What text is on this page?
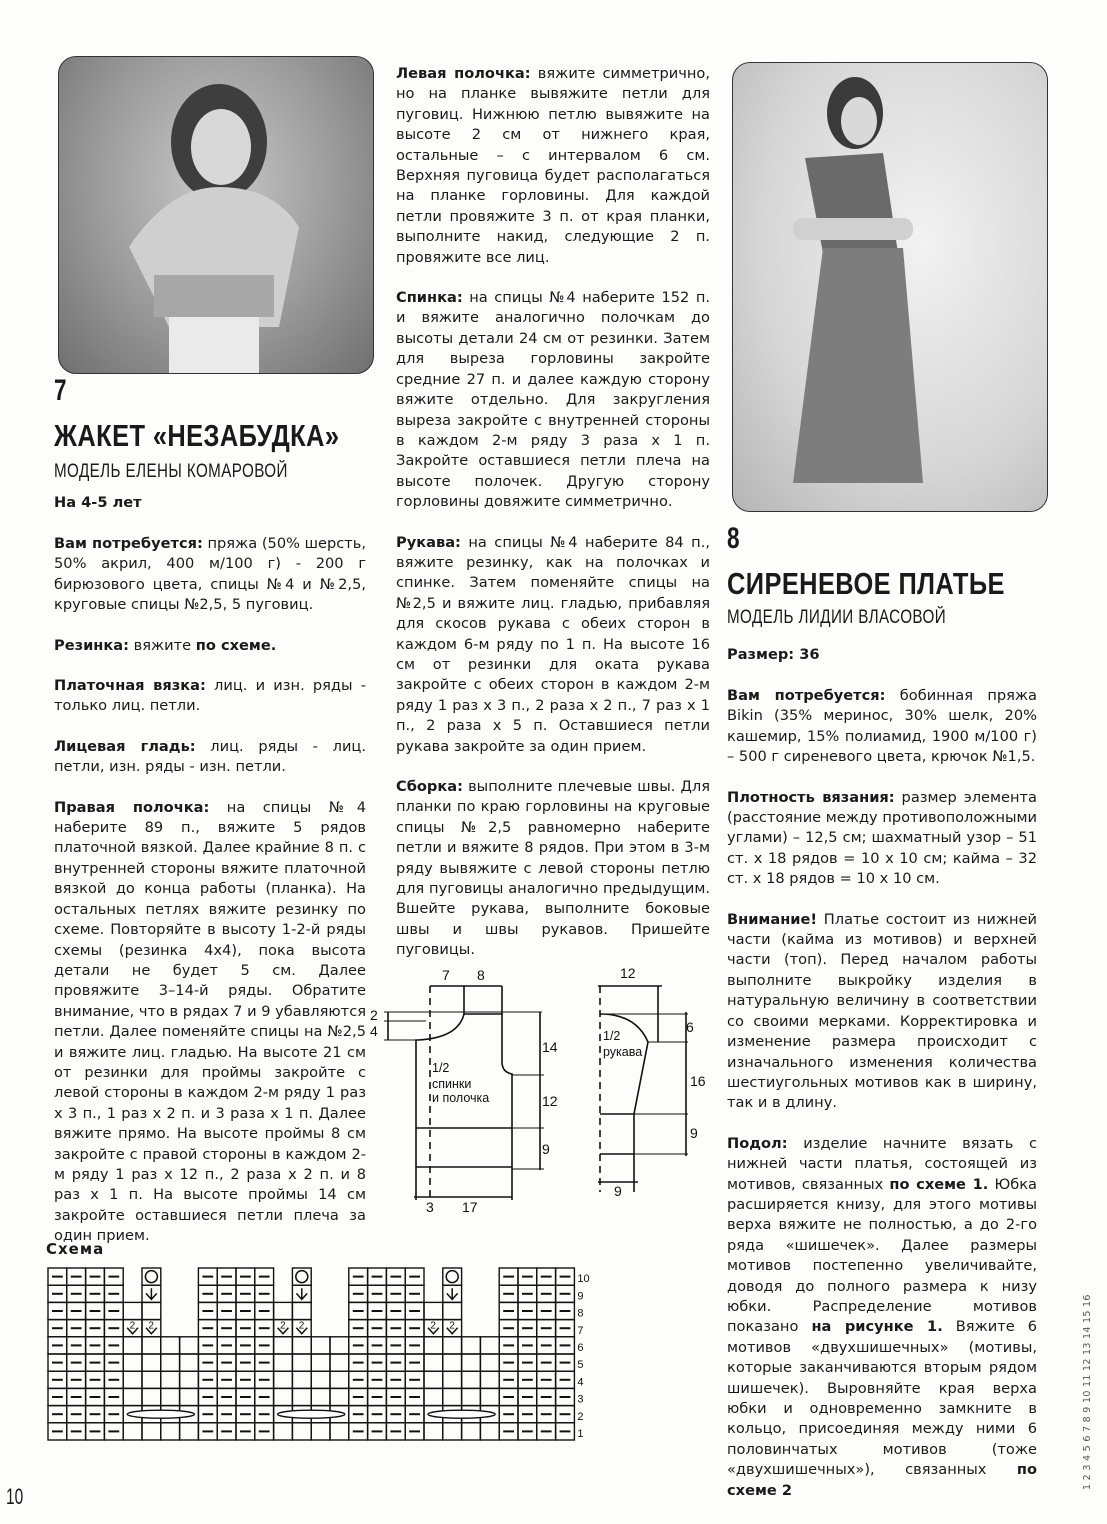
7
ЖАКЕТ «НЕЗАБУДКА»
МОДЕЛЬ ЕЛЕНЫ КОМАРОВОЙ
На 4-5 лет

Вам потребуется: пряжа (50% шерсть, 50% акрил, 400 м/100 г) - 200 г бирюзового цвета, спицы №4 и №2,5, круговые спицы №2,5, 5 пуговиц.

Резинка: вяжите по схеме.

Платочная вязка: лиц. и изн. ряды - только лиц. петли.

Лицевая гладь: лиц. ряды - лиц. петли, изн. ряды - изн. петли.

Правая полочка: на спицы №4 наберите 89 п., вяжите 5 рядов платочной вязкой. Далее крайние 8 п. с внутренней стороны вяжите платочной вязкой до конца работы (планка). На остальных петлях вяжите резинку по схеме. Повторяйте в высоту 1-2-й ряды схемы (резинка 4х4), пока высота детали не будет 5 см. Далее провяжите 3–14-й ряды. Обратите внимание, что в рядах 7 и 9 убавляются петли. Далее поменяйте спицы на №2,5 и вяжите лиц. гладью. На высоте 21 см от резинки для проймы закройте с левой стороны в каждом 2-м ряду 1 раз х 3 п., 1 раз х 2 п. и 3 раза х 1 п. Далее вяжите прямо. На высоте проймы 8 см закройте с правой стороны в каждом 2-м ряду 1 раз х 12 п., 2 раза х 2 п. и 8 раз х 1 п. На высоте проймы 14 см закройте оставшиеся петли плеча за один прием.

Левая полочка: вяжите симметрично, но на планке вывяжите петли для пуговиц. Нижнюю петлю вывяжите на высоте 2 см от нижнего края, остальные – с интервалом 6 см. Верхняя пуговица будет располагаться на планке горловины. Для каждой петли провяжите 3 п. от края планки, выполните накид, следующие 2 п. провяжите все лиц.

Спинка: на спицы №4 наберите 152 п. и вяжите аналогично полочкам до высоты детали 24 см от резинки. Затем для выреза горловины закройте средние 27 п. и далее каждую сторону вяжите отдельно. Для закругления выреза закройте с внутренней стороны в каждом 2-м ряду 3 раза х 1 п. Закройте оставшиеся петли плеча на высоте полочек. Другую сторону горловины довяжите симметрично.

Рукава: на спицы №4 наберите 84 п., вяжите резинку, как на полочках и спинке. Затем поменяйте спицы на №2,5 и вяжите лиц. гладью, прибавляя для скосов рукава с обеих сторон в каждом 6-м ряду по 1 п. На высоте 16 см от резинки для оката рукава закройте с обеих сторон в каждом 2-м ряду 1 раз х 3 п., 2 раза х 2 п., 7 раз х 1 п., 2 раза х 5 п. Оставшиеся петли рукава закройте за один прием.

Сборка: выполните плечевые швы. Для планки по краю горловины на круговые спицы №2,5 равномерно наберите петли и вяжите 8 рядов. При этом в 3-м ряду вывяжите с левой стороны петлю для пуговицы аналогично предыдущим. Вшейте рукава, выполните боковые швы и швы рукавов. Пришейте пуговицы.

7 8
2
4
14
12
9
3 17
12
6
16
9
9
1/2
спинки
и полочка
1/2
рукава
Схема
1
2
3
4
5
6
2 2	2 2	2 2	7
8
9
10
8
СИРЕНЕВОЕ ПЛАТЬЕ
МОДЕЛЬ ЛИДИИ ВЛАСОВОЙ
Размер: 36

Вам потребуется: бобинная пряжа Bikin (35% меринос, 30% шелк, 20% кашемир, 15% полиамид, 1900 м/100 г) – 500 г сиреневого цвета, крючок №1,5.

Плотность вязания: размер элемента (расстояние между противоположными углами) – 12,5 см; шахматный узор – 51 ст. х 18 рядов = 10 х 10 см; кайма – 32 ст. х 18 рядов = 10 х 10 см.

Внимание! Платье состоит из нижней части (кайма из мотивов) и верхней части (топ). Перед началом работы выполните выкройку изделия в натуральную величину в соответствии со своими мерками. Корректировка и изменение размера происходит с изначального изменения количества шестиугольных мотивов как в ширину, так и в длину.

Подол: изделие начните вязать с нижней части платья, состоящей из мотивов, связанных по схеме 1. Юбка расширяется книзу, для этого мотивы верха вяжите не полностью, а до 2-го ряда «шишечек». Далее размеры мотивов постепенно увеличивайте, доводя до полного размера к низу юбки. Распределение мотивов показано на рисунке 1. Вяжите 6 мотивов «двухшишечных» (мотивы, которые заканчиваются вторым рядом шишечек). Выровняйте края верха юбки и одновременно замкните в кольцо, присоединяя между ними 6 половинчатых мотивов (тоже «двухшишечных»), связанных по схеме 2

10
1 2 3 4 5 6 7 8 9 10 11 12 13 14 15 16
